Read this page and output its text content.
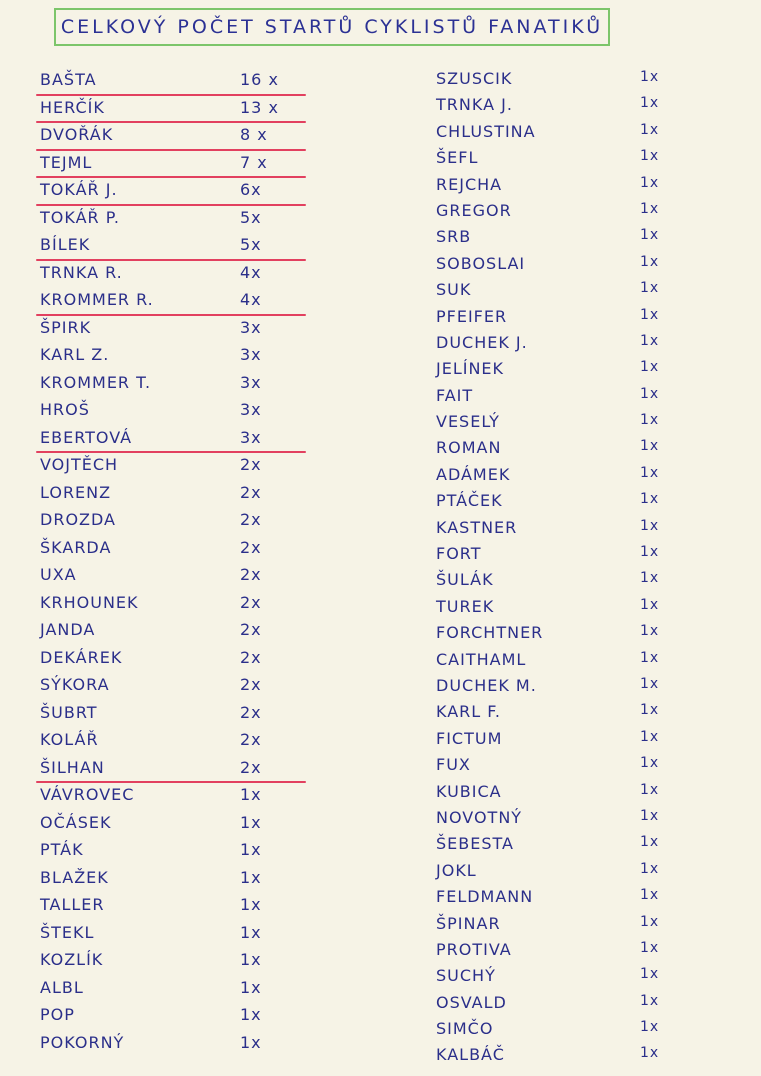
CELKOVÝ POČET STARTŮ CYKLISTŮ FANATIKŮ
BAŠTA	16 x
HERČÍK	13 x
DVOŘÁK	8 x
TEJML	7 x
TOKÁŘ J.	6x
TOKÁŘ P.	5x
BÍLEK	5x
TRNKA R.	4x
KROMMER R.	4x
ŠPIRK	3x
KARL Z.	3x
KROMMER T.	3x
HROŠ	3x
EBERTOVÁ	3x
VOJTĚCH	2x
LORENZ	2x
DROZDA	2x
ŠKARDA	2x
UXA	2x
KRHOUNEK	2x
JANDA	2x
DEKÁREK	2x
SÝKORA	2x
ŠUBRT	2x
KOLÁŘ	2x
ŠILHAN	2x
VÁVROVEC	1x
OČÁSEK	1x
PTÁK	1x
BLAŽEK	1x
TALLER	1x
ŠTEKL	1x
KOZLÍK	1x
ALBL	1x
POP	1x
POKORNÝ	1x
SZUSCIK	1x
TRNKA J.	1x
CHLUSTINA	1x
ŠEFL	1x
REJCHA	1x
GREGOR	1x
SRB	1x
SOBOSLAI	1x
SUK	1x
PFEIFER	1x
DUCHEK J.	1x
JELÍNEK	1x
FAIT	1x
VESELÝ	1x
ROMAN	1x
ADÁMEK	1x
PTÁČEK	1x
KASTNER	1x
FORT	1x
ŠULÁK	1x
TUREK	1x
FORCHTNER	1x
CAITHAML	1x
DUCHEK M.	1x
KARL F.	1x
FICTUM	1x
FUX	1x
KUBICA	1x
NOVOTNÝ	1x
ŠEBESTA	1x
JOKL	1x
FELDMANN	1x
ŠPINAR	1x
PROTIVA	1x
SUCHÝ	1x
OSVALD	1x
SIMČO	1x
KALBÁČ	1x
